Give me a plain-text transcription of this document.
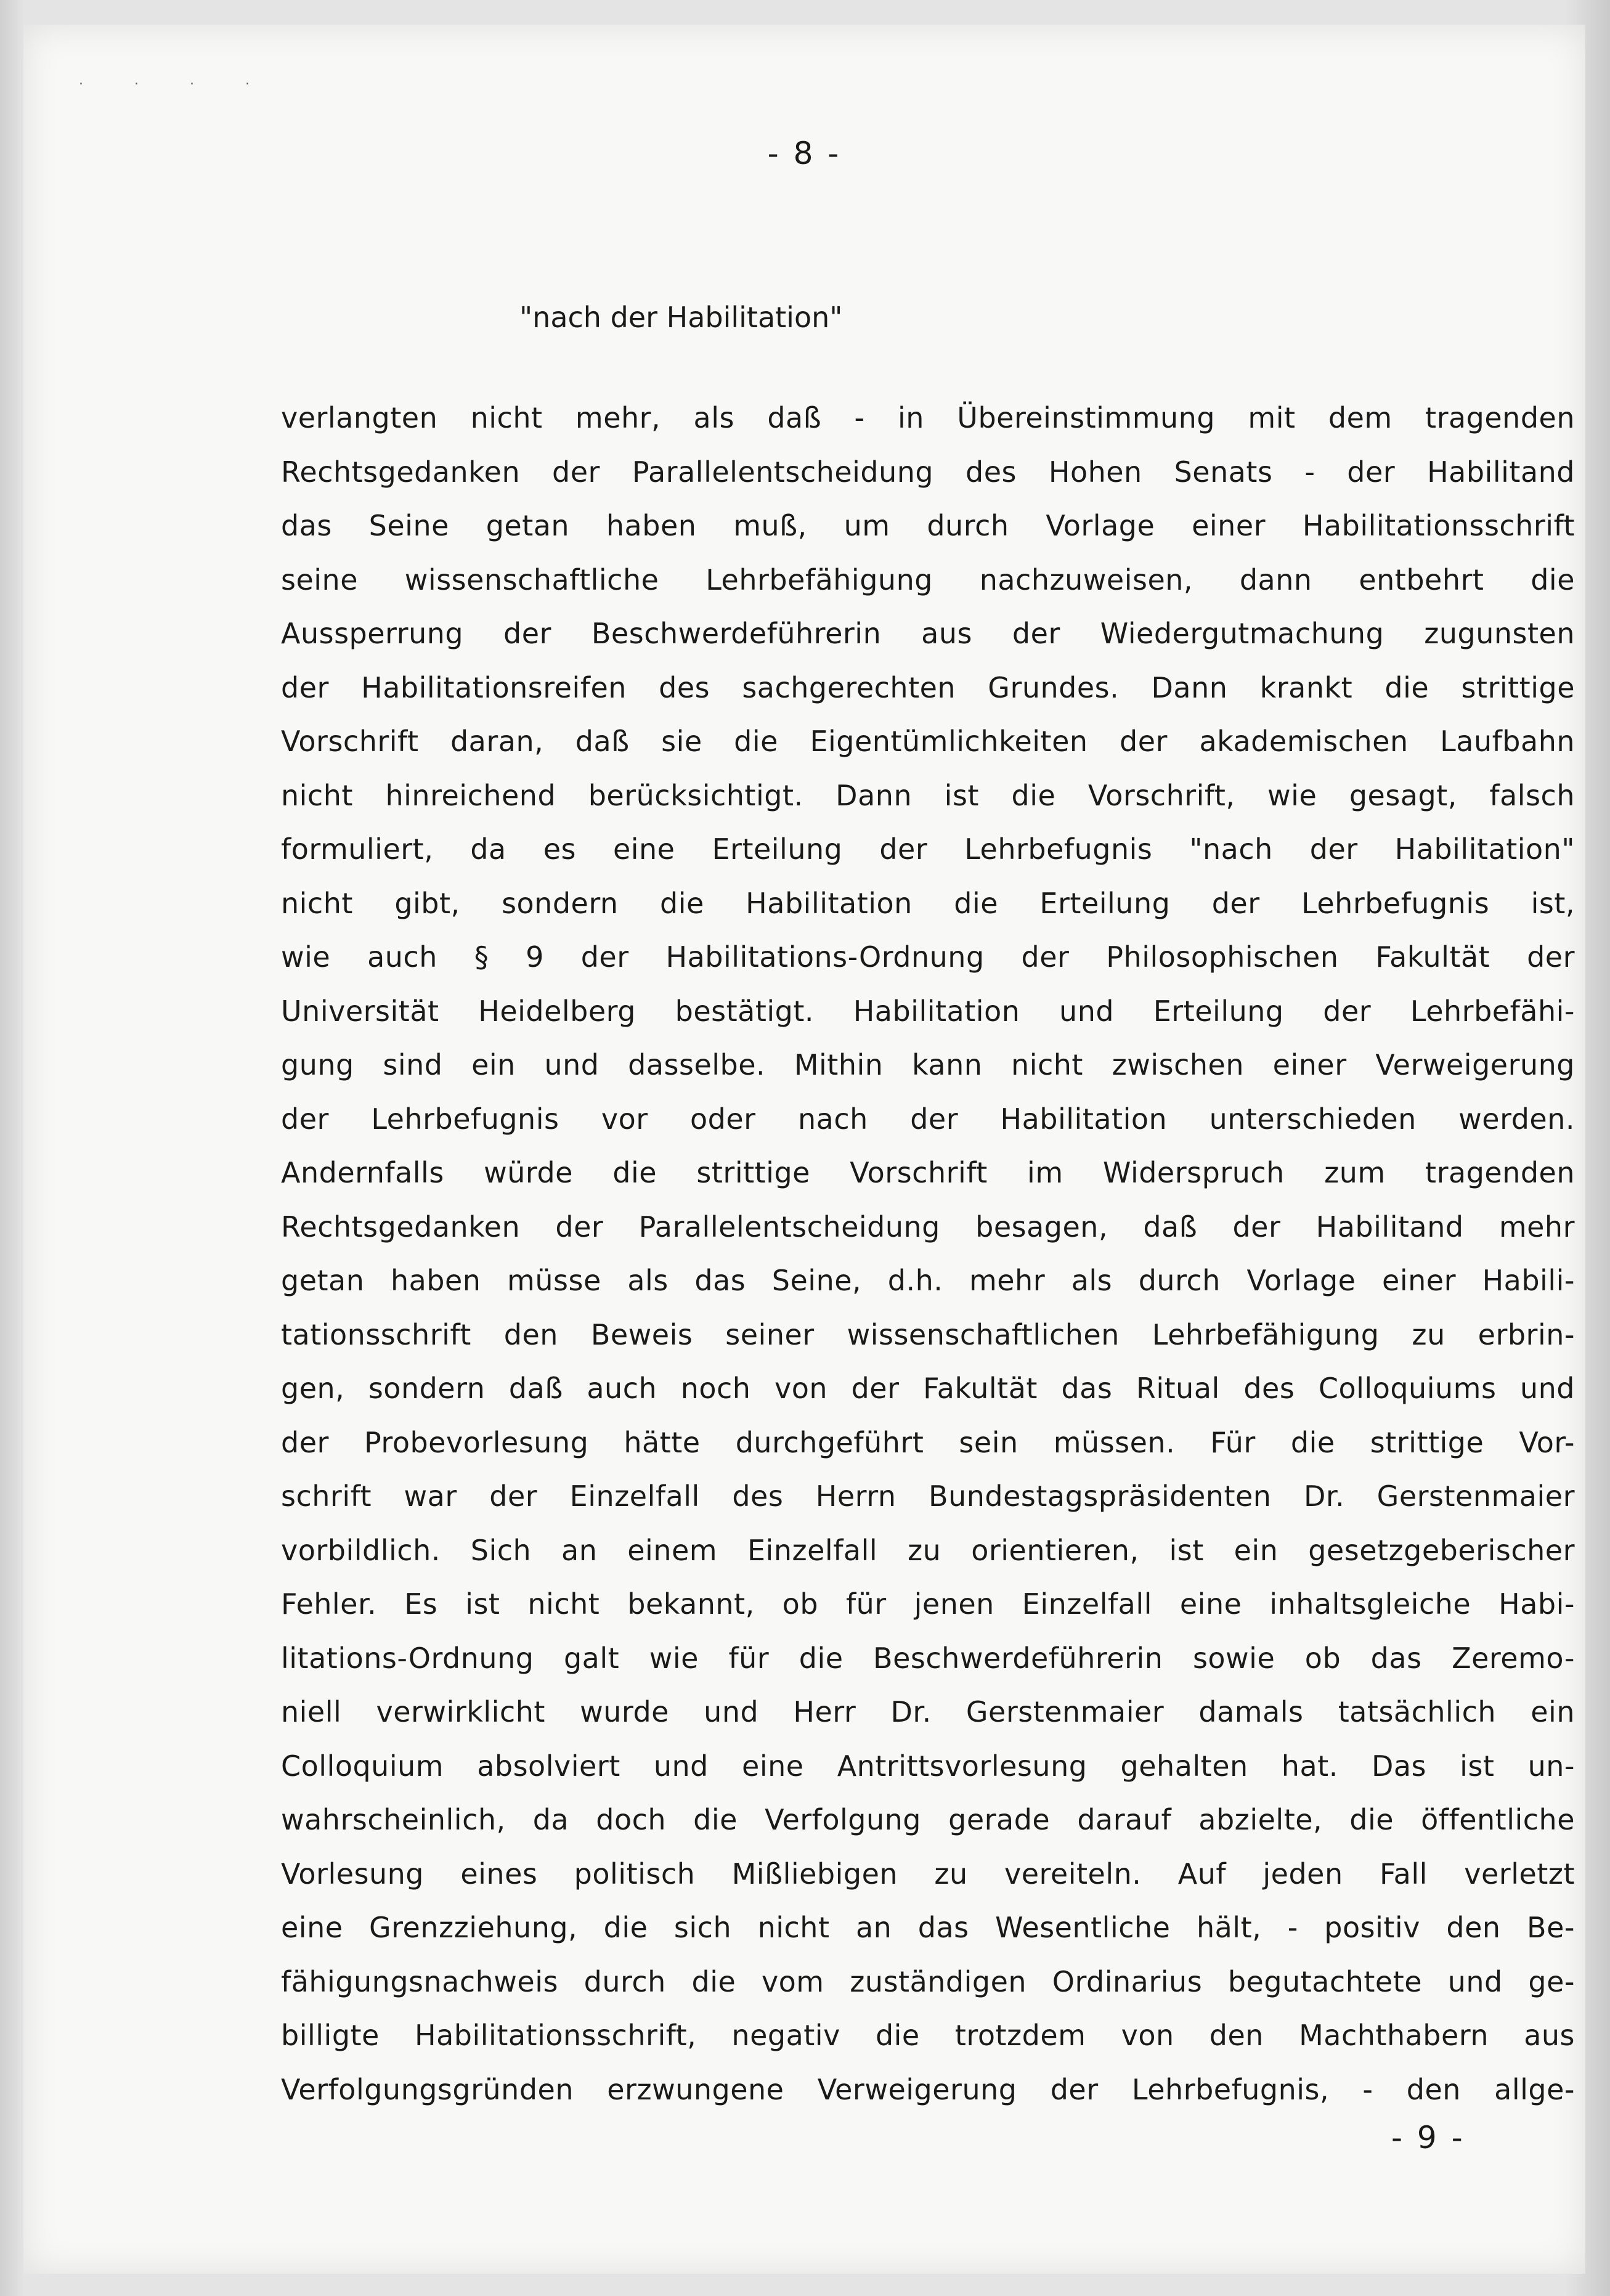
. . . .
- 8 -
"nach der Habilitation"
verlangten nicht mehr, als daß - in Übereinstimmung mit dem tragenden
Rechtsgedanken der Parallelentscheidung des Hohen Senats - der Habilitand
das Seine getan haben muß, um durch Vorlage einer Habilitationsschrift
seine wissenschaftliche Lehrbefähigung nachzuweisen, dann entbehrt die
Aussperrung der Beschwerdeführerin aus der Wiedergutmachung zugunsten
der Habilitationsreifen des sachgerechten Grundes. Dann krankt die strittige
Vorschrift daran, daß sie die Eigentümlichkeiten der akademischen Laufbahn
nicht hinreichend berücksichtigt. Dann ist die Vorschrift, wie gesagt, falsch
formuliert, da es eine Erteilung der Lehrbefugnis "nach der Habilitation"
nicht gibt, sondern die Habilitation die Erteilung der Lehrbefugnis ist,
wie auch § 9 der Habilitations-Ordnung der Philosophischen Fakultät der
Universität Heidelberg bestätigt. Habilitation und Erteilung der Lehrbefähi-
gung sind ein und dasselbe. Mithin kann nicht zwischen einer Verweigerung
der Lehrbefugnis vor oder nach der Habilitation unterschieden werden.
Andernfalls würde die strittige Vorschrift im Widerspruch zum tragenden
Rechtsgedanken der Parallelentscheidung besagen, daß der Habilitand mehr
getan haben müsse als das Seine, d.h. mehr als durch Vorlage einer Habili-
tationsschrift den Beweis seiner wissenschaftlichen Lehrbefähigung zu erbrin-
gen, sondern daß auch noch von der Fakultät das Ritual des Colloquiums und
der Probevorlesung hätte durchgeführt sein müssen. Für die strittige Vor-
schrift war der Einzelfall des Herrn Bundestagspräsidenten Dr. Gerstenmaier
vorbildlich. Sich an einem Einzelfall zu orientieren, ist ein gesetzgeberischer
Fehler. Es ist nicht bekannt, ob für jenen Einzelfall eine inhaltsgleiche Habi-
litations-Ordnung galt wie für die Beschwerdeführerin sowie ob das Zeremo-
niell verwirklicht wurde und Herr Dr. Gerstenmaier damals tatsächlich ein
Colloquium absolviert und eine Antrittsvorlesung gehalten hat. Das ist un-
wahrscheinlich, da doch die Verfolgung gerade darauf abzielte, die öffentliche
Vorlesung eines politisch Mißliebigen zu vereiteln. Auf jeden Fall verletzt
eine Grenzziehung, die sich nicht an das Wesentliche hält, - positiv den Be-
fähigungsnachweis durch die vom zuständigen Ordinarius begutachtete und ge-
billigte Habilitationsschrift, negativ die trotzdem von den Machthabern aus
Verfolgungsgründen erzwungene Verweigerung der Lehrbefugnis, - den allge-
- 9 -
